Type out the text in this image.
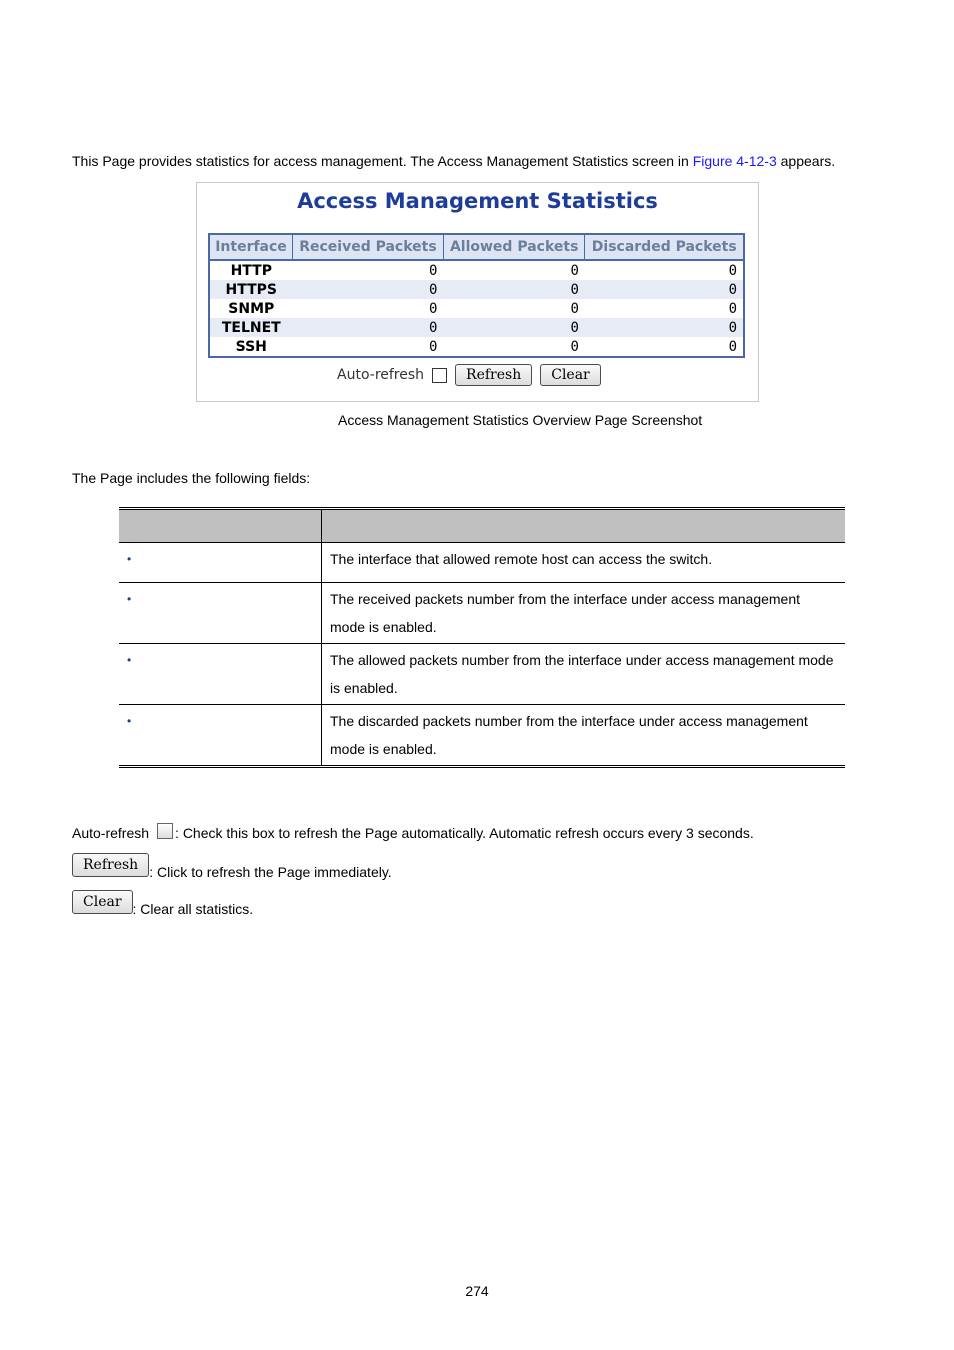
This Page provides statistics for access management. The Access Management Statistics screen in Figure 4-12-3 appears.
Access Management Statistics
Interface	Received Packets	Allowed Packets	Discarded Packets
HTTP	0	0	0
HTTPS	0	0	0
SNMP	0	0	0
TELNET	0	0	0
SSH	0	0	0
Auto-refresh	Refresh	Clear
Access Management Statistics Overview Page Screenshot
The Page includes the following fields:

•	The interface that allowed remote host can access the switch.
•	The received packets number from the interface under access management mode is enabled.
•	The allowed packets number from the interface under access management mode is enabled.
•	The discarded packets number from the interface under access management mode is enabled.
Auto-refresh : Check this box to refresh the Page automatically. Automatic refresh occurs every 3 seconds.
Refresh : Click to refresh the Page immediately.
Clear : Clear all statistics.
274
